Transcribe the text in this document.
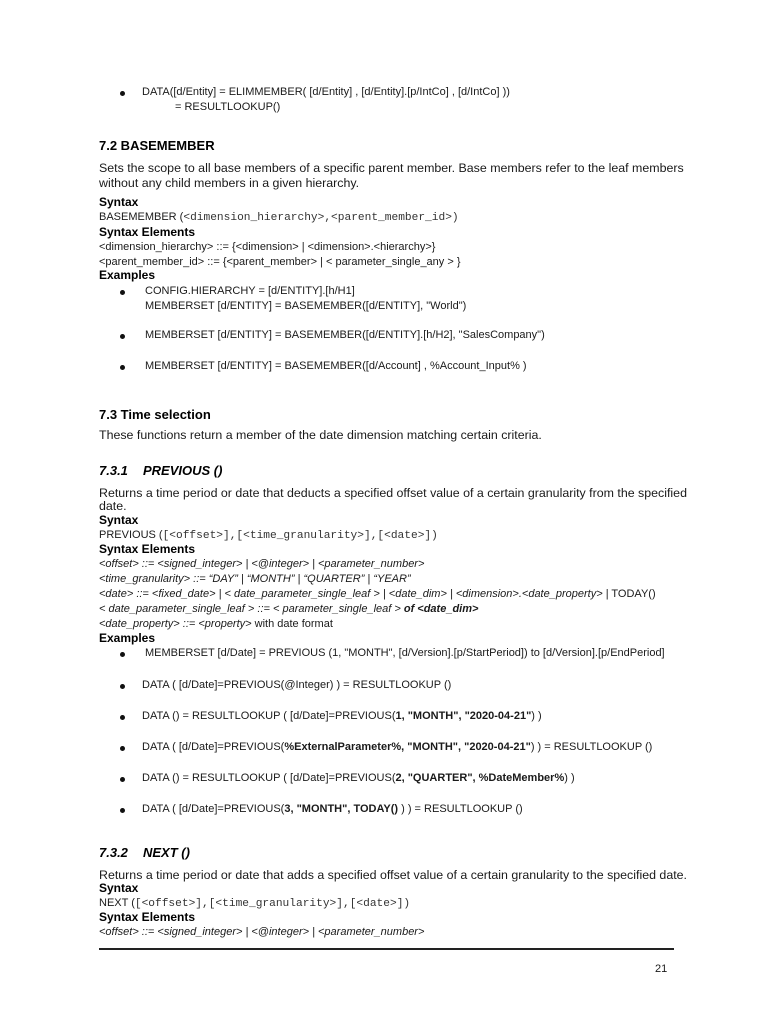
DATA([d/Entity] = ELIMMEMBER( [d/Entity] , [d/Entity].[p/IntCo] , [d/IntCo] ))
= RESULTLOOKUP()
7.2 BASEMEMBER
Sets the scope to all base members of a specific parent member. Base members refer to the leaf members
without any child members in a given hierarchy.
Syntax
BASEMEMBER (<dimension_hierarchy>,<parent_member_id>)
Syntax Elements
<dimension_hierarchy> ::= {<dimension> | <dimension>.<hierarchy>}
<parent_member_id> ::= {<parent_member> | < parameter_single_any > }
Examples
CONFIG.HIERARCHY = [d/ENTITY].[h/H1]
MEMBERSET [d/ENTITY] = BASEMEMBER([d/ENTITY], "World")
MEMBERSET [d/ENTITY] = BASEMEMBER([d/ENTITY].[h/H2], "SalesCompany")
MEMBERSET [d/ENTITY] = BASEMEMBER([d/Account] , %Account_Input% )
7.3 Time selection
These functions return a member of the date dimension matching certain criteria.
7.3.1 PREVIOUS ()
Returns a time period or date that deducts a specified offset value of a certain granularity from the specified
date.
Syntax
PREVIOUS ([<offset>],[<time_granularity>],[<date>])
Syntax Elements
<offset> ::= <signed_integer> | <@integer> | <parameter_number>
<time_granularity> ::= “DAY” | “MONTH” | “QUARTER” | “YEAR”
<date> ::= <fixed_date> | < date_parameter_single_leaf > | <date_dim> | <dimension>.<date_property> | TODAY()
< date_parameter_single_leaf > ::= < parameter_single_leaf > of <date_dim>
<date_property> ::= <property> with date format
Examples
MEMBERSET [d/Date] = PREVIOUS (1, "MONTH", [d/Version].[p/StartPeriod]) to [d/Version].[p/EndPeriod]
DATA ( [d/Date]=PREVIOUS(@Integer) ) = RESULTLOOKUP ()
DATA () = RESULTLOOKUP ( [d/Date]=PREVIOUS(1, "MONTH", "2020-04-21") )
DATA ( [d/Date]=PREVIOUS(%ExternalParameter%, "MONTH", "2020-04-21") ) = RESULTLOOKUP ()
DATA () = RESULTLOOKUP ( [d/Date]=PREVIOUS(2, "QUARTER", %DateMember%) )
DATA ( [d/Date]=PREVIOUS(3, "MONTH", TODAY() ) ) = RESULTLOOKUP ()
7.3.2 NEXT ()
Returns a time period or date that adds a specified offset value of a certain granularity to the specified date.
Syntax
NEXT ([<offset>],[<time_granularity>],[<date>])
Syntax Elements
<offset> ::= <signed_integer> | <@integer> | <parameter_number>
21
